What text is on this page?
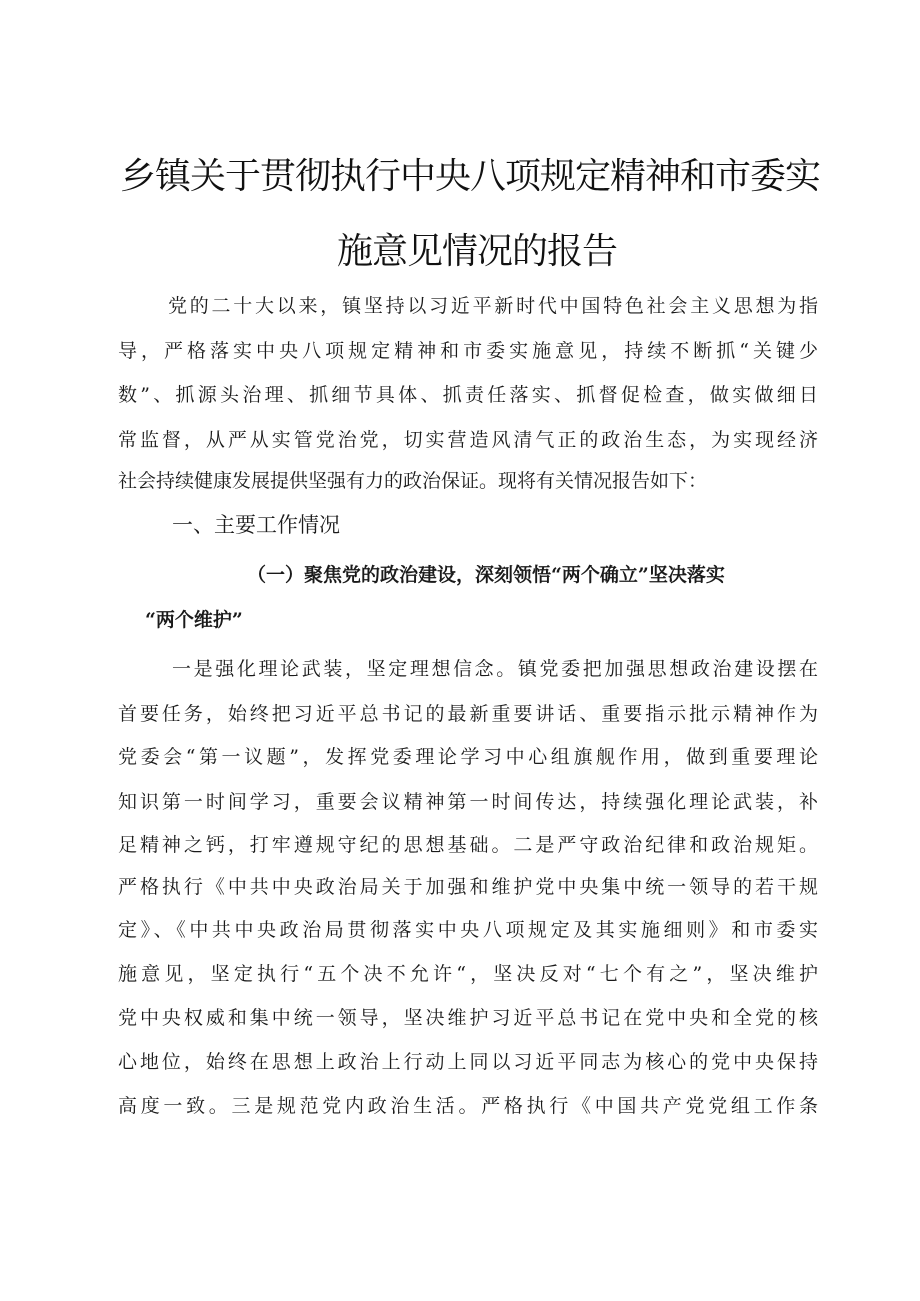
乡镇关于贯彻执行中央八项规定精神和市委实
施意见情况的报告
党的二十大以来，镇坚持以习近平新时代中国特色社会主义思想为指
导，严格落实中央八项规定精神和市委实施意见，持续不断抓“关键少
数”、抓源头治理、抓细节具体、抓责任落实、抓督促检查，做实做细日
常监督，从严从实管党治党，切实营造风清气正的政治生态，为实现经济
社会持续健康发展提供坚强有力的政治保证。现将有关情况报告如下：
一、主要工作情况
（一）聚焦党的政治建设，深刻领悟“两个确立”坚决落实
“两个维护”
一是强化理论武装，坚定理想信念。镇党委把加强思想政治建设摆在
首要任务，始终把习近平总书记的最新重要讲话、重要指示批示精神作为
党委会“第一议题”，发挥党委理论学习中心组旗舰作用，做到重要理论
知识第一时间学习，重要会议精神第一时间传达，持续强化理论武装，补
足精神之钙，打牢遵规守纪的思想基础。二是严守政治纪律和政治规矩。
严格执行《中共中央政治局关于加强和维护党中央集中统一领导的若干规
定》、《中共中央政治局贯彻落实中央八项规定及其实施细则》和市委实
施意见，坚定执行“五个决不允许“，坚决反对“七个有之”，坚决维护
党中央权威和集中统一领导，坚决维护习近平总书记在党中央和全党的核
心地位，始终在思想上政治上行动上同以习近平同志为核心的党中央保持
高度一致。三是规范党内政治生活。严格执行《中国共产党党组工作条
